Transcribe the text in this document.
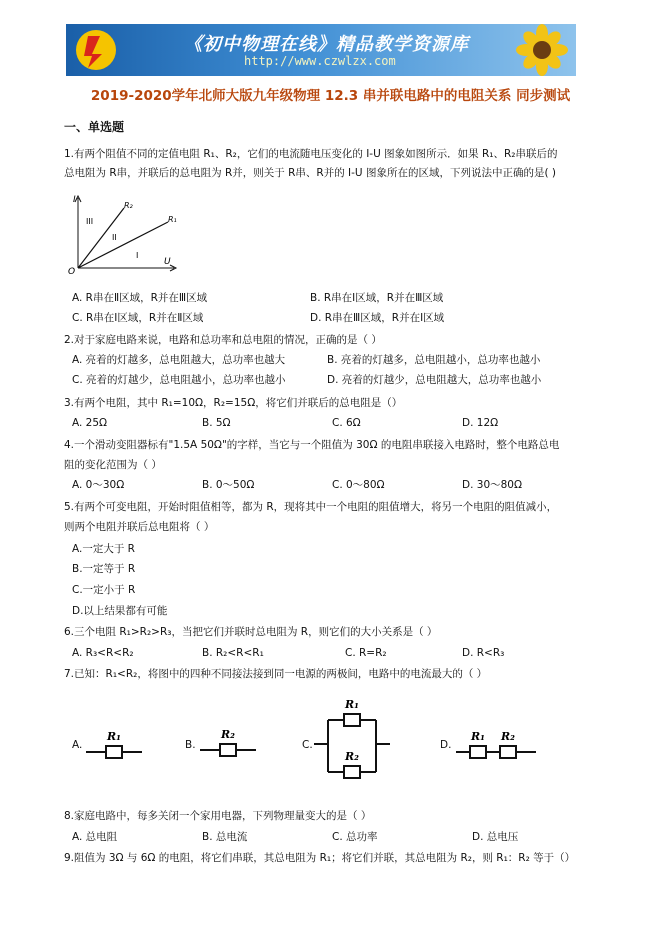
《初中物理在线》精品教学资源库
http://www.czwlzx.com
2019-2020学年北师大版九年级物理 12.3 串并联电路中的电阻关系 同步测试
一、单选题
1.有两个阻值不同的定值电阻 R₁、R₂，它们的电流随电压变化的 I-U 图象如图所示．如果 R₁、R₂串联后的
总电阻为 R串，并联后的总电阻为 R并，则关于 R串、R并的 I-U 图象所在的区域，下列说法中正确的是( )
I
U
O
R₂
R₁
III
II
I
A. R串在Ⅱ区域，R并在Ⅲ区域	B. R串在Ⅰ区域，R并在Ⅲ区域
C. R串在Ⅰ区域，R并在Ⅱ区域	D. R串在Ⅲ区域，R并在Ⅰ区域
2.对于家庭电路来说，电路和总功率和总电阻的情况，正确的是（ ）
A. 亮着的灯越多，总电阻越大，总功率也越大	B. 亮着的灯越多，总电阻越小，总功率也越小
C. 亮着的灯越少，总电阻越小，总功率也越小	D. 亮着的灯越少，总电阻越大，总功率也越小
3.有两个电阻，其中 R₁=10Ω，R₂=15Ω，将它们并联后的总电阻是（）
A. 25Ω	B. 5Ω	C. 6Ω	D. 12Ω
4.一个滑动变阻器标有"1.5A 50Ω"的字样，当它与一个阻值为 30Ω 的电阻串联接入电路时，整个电路总电
阻的变化范围为（ ）
A. 0～30Ω	B. 0～50Ω	C. 0～80Ω	D. 30～80Ω
5.有两个可变电阻，开始时阻值相等，都为 R，现将其中一个电阻的阻值增大，将另一个电阻的阻值减小，
则两个电阻并联后总电阻将（ ）
A.一定大于 R
B.一定等于 R
C.一定小于 R
D.以上结果都有可能
6.三个电阻 R₁>R₂>R₃，当把它们并联时总电阻为 R，则它们的大小关系是（ ）
A. R₃<R<R₂	B. R₂<R<R₁	C. R=R₂	D. R<R₃
7.已知：R₁<R₂，将图中的四种不同接法接到同一电源的两极间，电路中的电流最大的（ ）
A.
R₁
B.
R₂
C.
R₁
R₂
D.
R₁ R₂
8.家庭电路中，每多关闭一个家用电器，下列物理量变大的是（ ）
A. 总电阻	B. 总电流	C. 总功率	D. 总电压
9.阻值为 3Ω 与 6Ω 的电阻，将它们串联，其总电阻为 R₁；将它们并联，其总电阻为 R₂，则 R₁：R₂ 等于（）
